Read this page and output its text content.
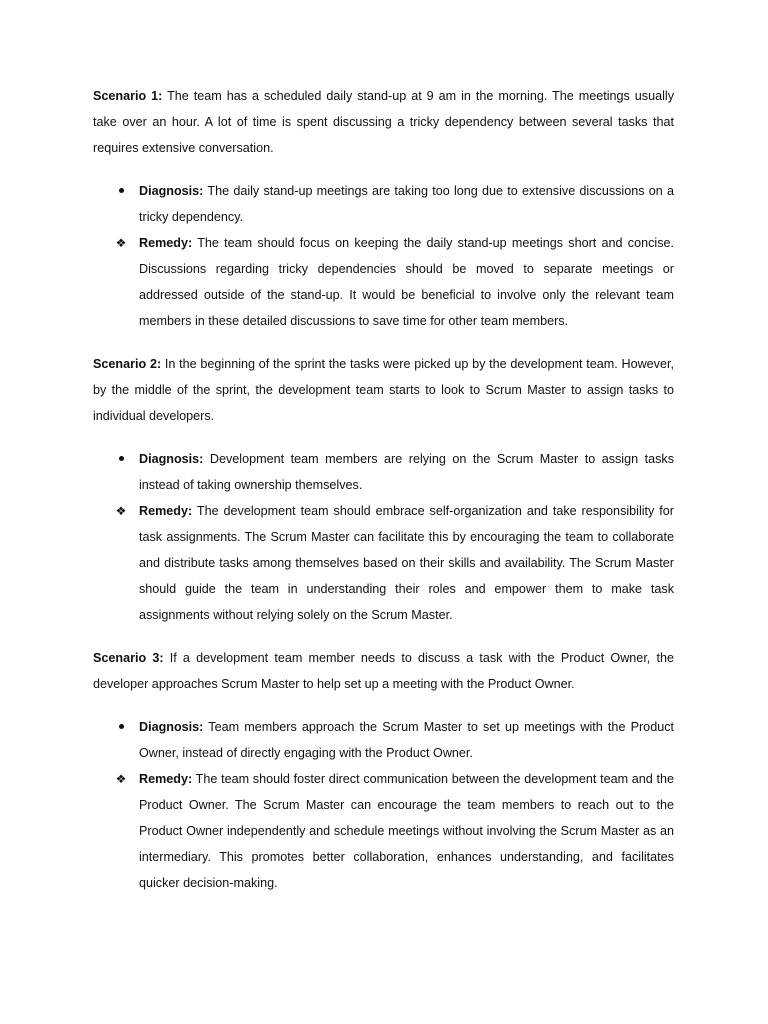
Scenario 1: The team has a scheduled daily stand-up at 9 am in the morning. The meetings usually take over an hour. A lot of time is spent discussing a tricky dependency between several tasks that requires extensive conversation.

Diagnosis: The daily stand-up meetings are taking too long due to extensive discussions on a tricky dependency.

❖ Remedy: The team should focus on keeping the daily stand-up meetings short and concise. Discussions regarding tricky dependencies should be moved to separate meetings or addressed outside of the stand-up. It would be beneficial to involve only the relevant team members in these detailed discussions to save time for other team members.

Scenario 2: In the beginning of the sprint the tasks were picked up by the development team. However, by the middle of the sprint, the development team starts to look to Scrum Master to assign tasks to individual developers.

Diagnosis: Development team members are relying on the Scrum Master to assign tasks instead of taking ownership themselves.

❖ Remedy: The development team should embrace self-organization and take responsibility for task assignments. The Scrum Master can facilitate this by encouraging the team to collaborate and distribute tasks among themselves based on their skills and availability. The Scrum Master should guide the team in understanding their roles and empower them to make task assignments without relying solely on the Scrum Master.

Scenario 3: If a development team member needs to discuss a task with the Product Owner, the developer approaches Scrum Master to help set up a meeting with the Product Owner.

Diagnosis: Team members approach the Scrum Master to set up meetings with the Product Owner, instead of directly engaging with the Product Owner.

❖ Remedy: The team should foster direct communication between the development team and the Product Owner. The Scrum Master can encourage the team members to reach out to the Product Owner independently and schedule meetings without involving the Scrum Master as an intermediary. This promotes better collaboration, enhances understanding, and facilitates quicker decision-making.
